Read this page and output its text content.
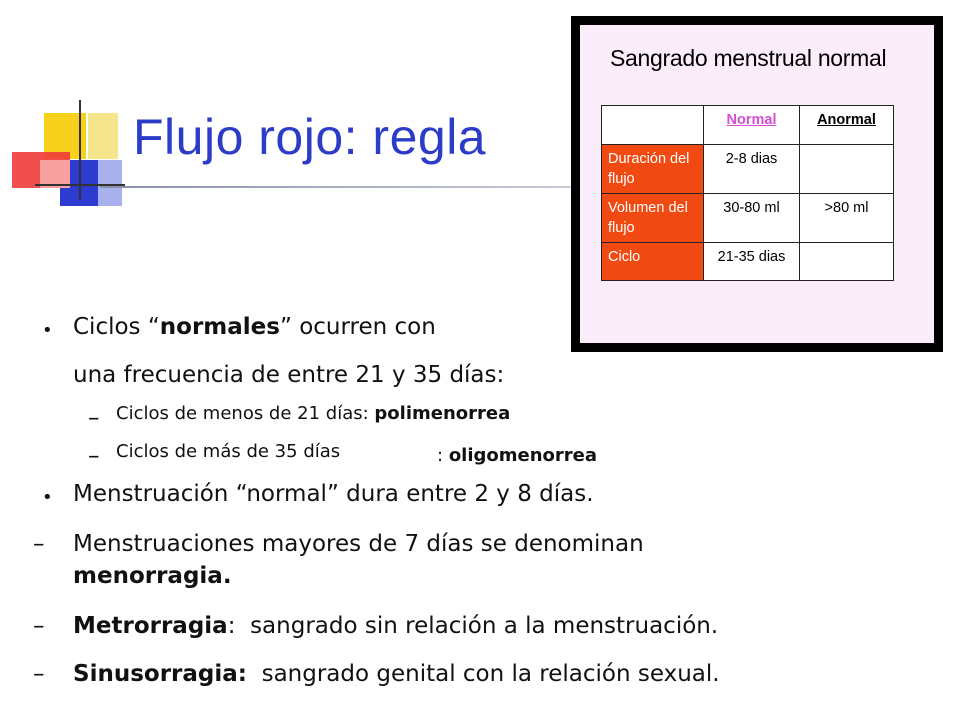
Flujo rojo: regla
Sangrado menstrual normal
	Normal	Anormal
Duración del flujo	2-8 dias	
Volumen del flujo	30-80 ml	>80 ml
Ciclo	21-35 dias	
• Ciclos “normales” ocurren con
una frecuencia de entre 21 y 35 días:
– Ciclos de menos de 21 días: polimenorrea
– Ciclos de más de 35 días	: oligomenorrea
• Menstruación “normal” dura entre 2 y 8 días.
– Menstruaciones mayores de 7 días se denominan
menorragia.
– Metrorragia: sangrado sin relación a la menstruación.
– Sinusorragia: sangrado genital con la relación sexual.
